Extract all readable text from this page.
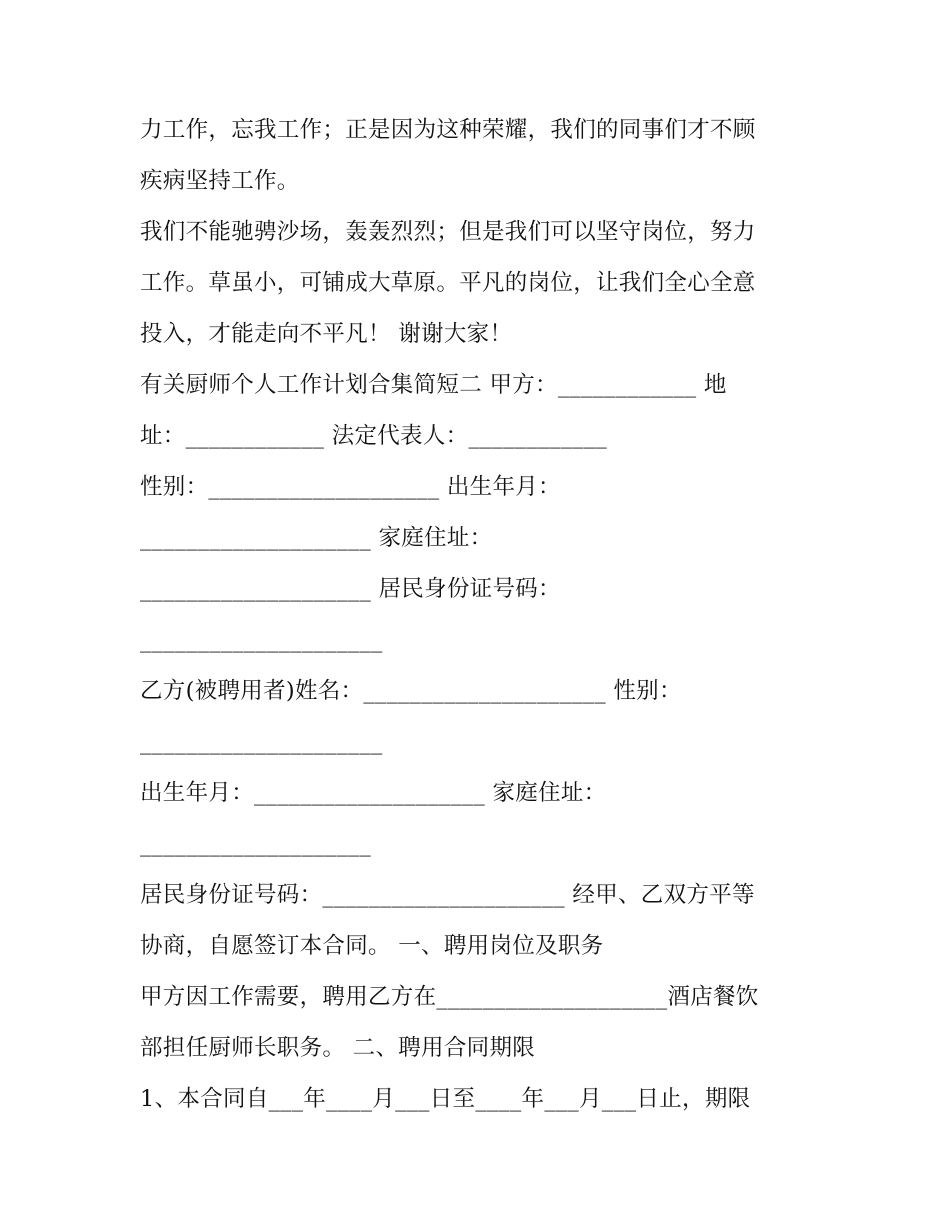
力工作，忘我工作；正是因为这种荣耀，我们的同事们才不顾
疾病坚持工作。
我们不能驰骋沙场，轰轰烈烈；但是我们可以坚守岗位，努力
工作。草虽小，可铺成大草原。平凡的岗位，让我们全心全意
投入，才能走向不平凡！ 谢谢大家！
有关厨师个人工作计划合集简短二 甲方：____________ 地
址：____________ 法定代表人：____________
性别：____________________ 出生年月：
____________________ 家庭住址：
____________________ 居民身份证号码：
_____________________
乙方(被聘用者)姓名：_____________________ 性别：
_____________________
出生年月：____________________ 家庭住址：
____________________
居民身份证号码：_____________________ 经甲、乙双方平等
协商，自愿签订本合同。 一、聘用岗位及职务
甲方因工作需要，聘用乙方在____________________酒店餐饮
部担任厨师长职务。 二、聘用合同期限
1、本合同自___年____月___日至____年___月___日止，期限
